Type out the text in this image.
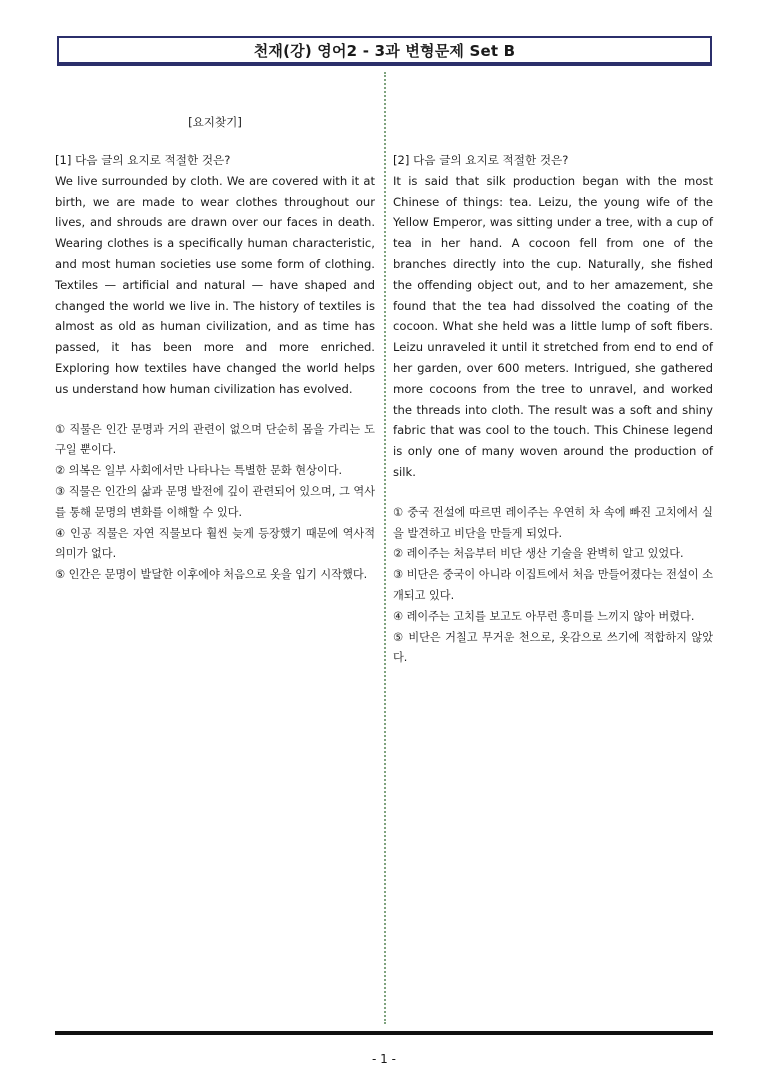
천재(강) 영어2 - 3과 변형문제 Set B
[요지찾기]

[1] 다음 글의 요지로 적절한 것은?

We live surrounded by cloth. We are covered with it at birth, we are made to wear clothes throughout our lives, and shrouds are drawn over our faces in death. Wearing clothes is a specifically human characteristic, and most human societies use some form of clothing. Textiles — artificial and natural — have shaped and changed the world we live in. The history of textiles is almost as old as human civilization, and as time has passed, it has been more and more enriched. Exploring how textiles have changed the world helps us understand how human civilization has evolved.

① 직물은 인간 문명과 거의 관련이 없으며 단순히 몸을 가리는 도구일 뿐이다.
② 의복은 일부 사회에서만 나타나는 특별한 문화 현상이다.
③ 직물은 인간의 삶과 문명 발전에 깊이 관련되어 있으며, 그 역사를 통해 문명의 변화를 이해할 수 있다.
④ 인공 직물은 자연 직물보다 훨씬 늦게 등장했기 때문에 역사적 의미가 없다.
⑤ 인간은 문명이 발달한 이후에야 처음으로 옷을 입기 시작했다.

[2] 다음 글의 요지로 적절한 것은?

It is said that silk production began with the most Chinese of things: tea. Leizu, the young wife of the Yellow Emperor, was sitting under a tree, with a cup of tea in her hand. A cocoon fell from one of the branches directly into the cup. Naturally, she fished the offending object out, and to her amazement, she found that the tea had dissolved the coating of the cocoon. What she held was a little lump of soft fibers. Leizu unraveled it until it stretched from end to end of her garden, over 600 meters. Intrigued, she gathered more cocoons from the tree to unravel, and worked the threads into cloth. The result was a soft and shiny fabric that was cool to the touch. This Chinese legend is only one of many woven around the production of silk.

① 중국 전설에 따르면 레이주는 우연히 차 속에 빠진 고치에서 실을 발견하고 비단을 만들게 되었다.
② 레이주는 처음부터 비단 생산 기술을 완벽히 알고 있었다.
③ 비단은 중국이 아니라 이집트에서 처음 만들어졌다는 전설이 소개되고 있다.
④ 레이주는 고치를 보고도 아무런 흥미를 느끼지 않아 버렸다.
⑤ 비단은 거칠고 무거운 천으로, 옷감으로 쓰기에 적합하지 않았다.
- 1 -
